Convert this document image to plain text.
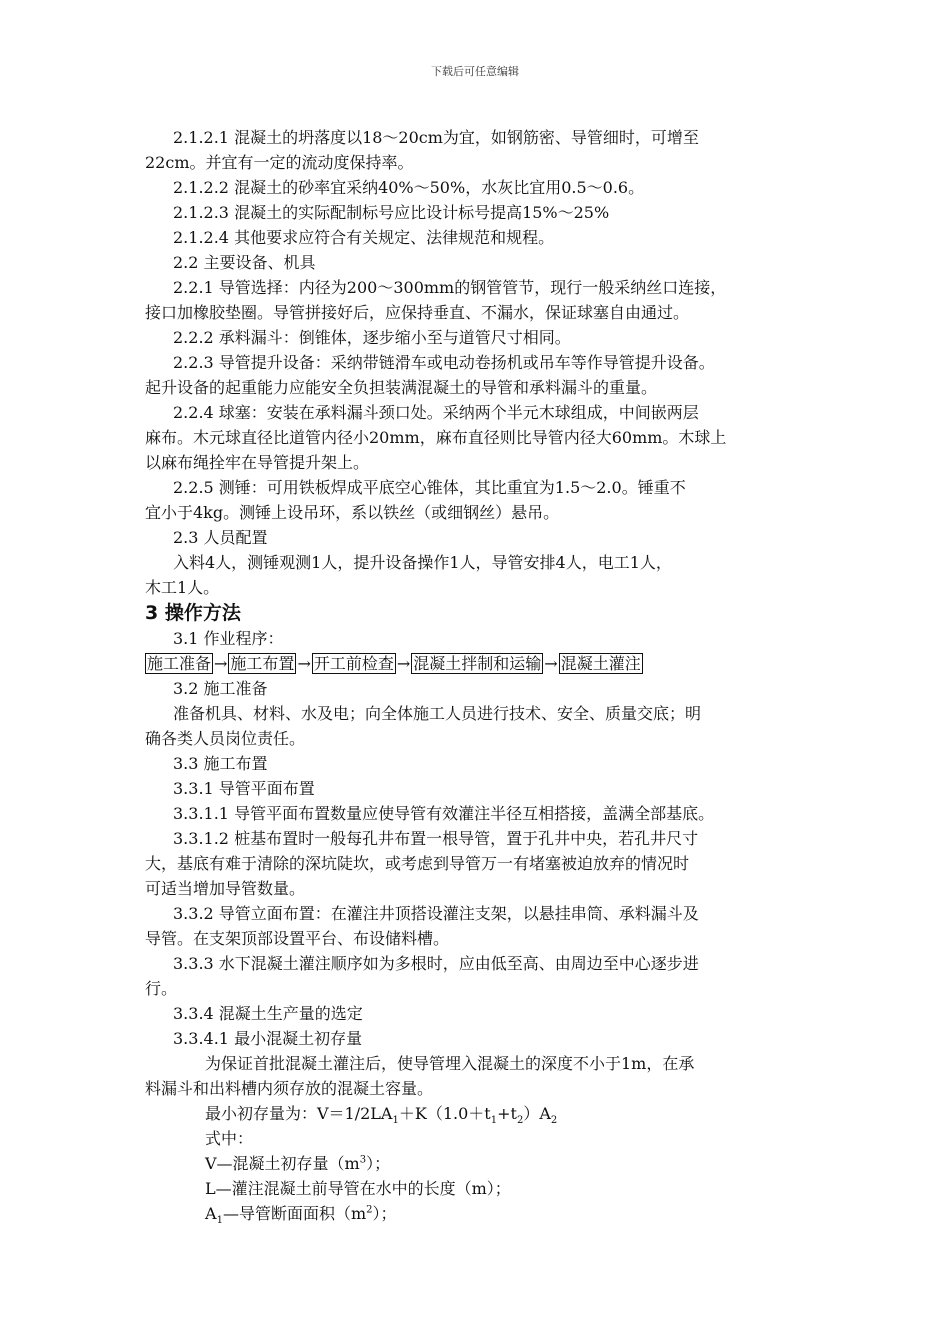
下载后可任意编辑

2.1.2.1 混凝土的坍落度以18～20cm为宜，如钢筋密、导管细时，可增至

22cm。并宜有一定的流动度保持率。

2.1.2.2 混凝土的砂率宜采纳40%～50%，水灰比宜用0.5～0.6。

2.1.2.3 混凝土的实际配制标号应比设计标号提高15%～25%

2.1.2.4 其他要求应符合有关规定、法律规范和规程。

2.2 主要设备、机具

2.2.1 导管选择：内径为200～300mm的钢管管节，现行一般采纳丝口连接，

接口加橡胶垫圈。导管拼接好后，应保持垂直、不漏水，保证球塞自由通过。

2.2.2 承料漏斗：倒锥体，逐步缩小至与道管尺寸相同。

2.2.3 导管提升设备：采纳带链滑车或电动卷扬机或吊车等作导管提升设备。

起升设备的起重能力应能安全负担装满混凝土的导管和承料漏斗的重量。

2.2.4 球塞：安装在承料漏斗颈口处。采纳两个半元木球组成，中间嵌两层

麻布。木元球直径比道管内径小20mm，麻布直径则比导管内径大60mm。木球上

以麻布绳拴牢在导管提升架上。

2.2.5 测锤：可用铁板焊成平底空心锥体，其比重宜为1.5～2.0。锤重不

宜小于4kg。测锤上设吊环，系以铁丝（或细钢丝）悬吊。

2.3 人员配置

入料4人，测锤观测1人，提升设备操作1人，导管安排4人，电工1人，

木工1人。

3 操作方法

3.1 作业程序：

施工准备 → 施工布置 → 开工前检查 → 混凝土拌制和运输 → 混凝土灌注

3.2 施工准备

准备机具、材料、水及电；向全体施工人员进行技术、安全、质量交底；明

确各类人员岗位责任。

3.3 施工布置

3.3.1 导管平面布置

3.3.1.1 导管平面布置数量应使导管有效灌注半径互相搭接，盖满全部基底。

3.3.1.2 桩基布置时一般每孔井布置一根导管，置于孔井中央，若孔井尺寸

大，基底有难于清除的深坑陡坎，或考虑到导管万一有堵塞被迫放弃的情况时

可适当增加导管数量。

3.3.2 导管立面布置：在灌注井顶搭设灌注支架，以悬挂串筒、承料漏斗及

导管。在支架顶部设置平台、布设储料槽。

3.3.3 水下混凝土灌注顺序如为多根时，应由低至高、由周边至中心逐步进

行。

3.3.4 混凝土生产量的选定

3.3.4.1 最小混凝土初存量

为保证首批混凝土灌注后，使导管埋入混凝土的深度不小于1m，在承

料漏斗和出料槽内须存放的混凝土容量。

最小初存量为：$V=1/2LA_1+K(1.0+t_1+t_2)A_2$

式中：

V—混凝土初存量$(m^3)$；

L—灌注混凝土前导管在水中的长度（m）；

$A_1—$导管断面面积$(m^2)$；
